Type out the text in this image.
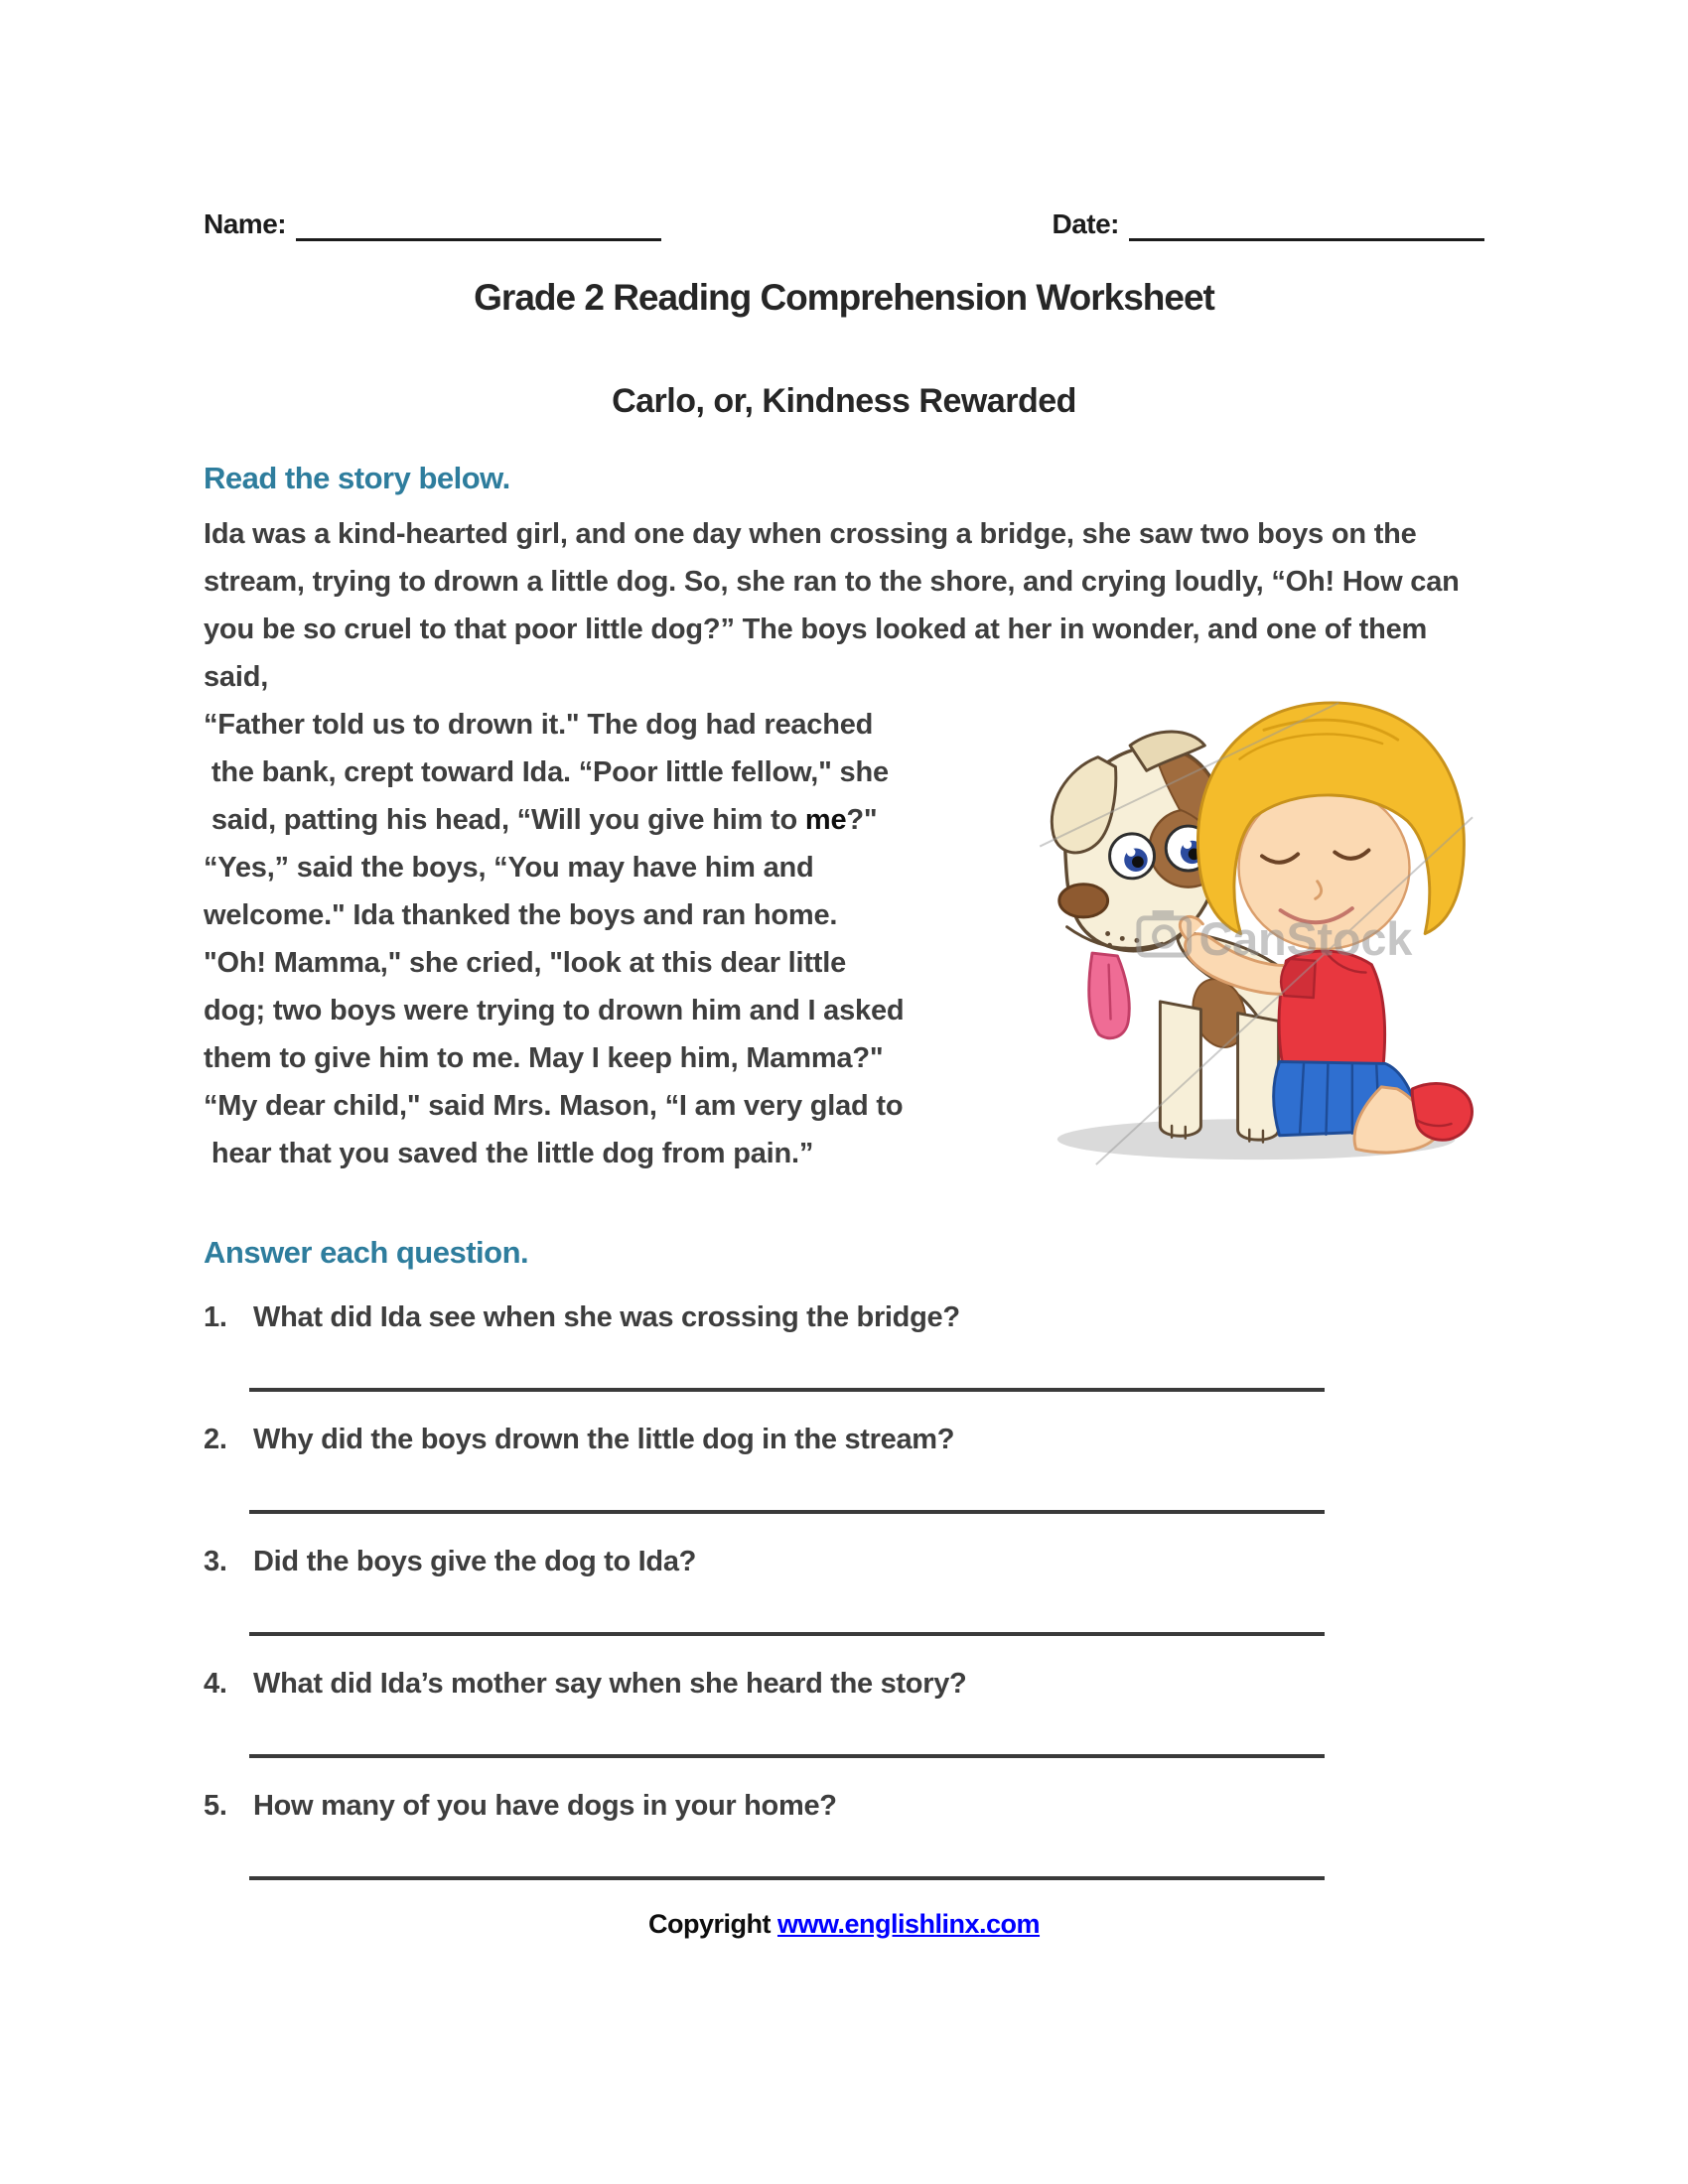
Name:	Date:
Grade 2 Reading Comprehension Worksheet
Carlo, or, Kindness Rewarded
Read the story below.

Ida was a kind-hearted girl, and one day when crossing a bridge, she saw two boys on the stream, trying to drown a little dog. So, she ran to the shore, and crying loudly, “Oh! How can you be so cruel to that poor little dog?” The boys looked at her in wonder, and one of them said,

CanStock
“Father told us to drown it." The dog had reached
the bank, crept toward Ida. “Poor little fellow," she
said, patting his head, “Will you give him to me?"
“Yes,” said the boys, “You may have him and
welcome." Ida thanked the boys and ran home.
"Oh! Mamma," she cried, "look at this dear little
dog; two boys were trying to drown him and I asked
them to give him to me. May I keep him, Mamma?"
“My dear child," said Mrs. Mason, “I am very glad to
hear that you saved the little dog from pain.”

Answer each question.
1. What did Ida see when she was crossing the bridge?
2. Why did the boys drown the little dog in the stream?
3. Did the boys give the dog to Ida?
4. What did Ida’s mother say when she heard the story?
5. How many of you have dogs in your home?
Copyright www.englishlinx.com
